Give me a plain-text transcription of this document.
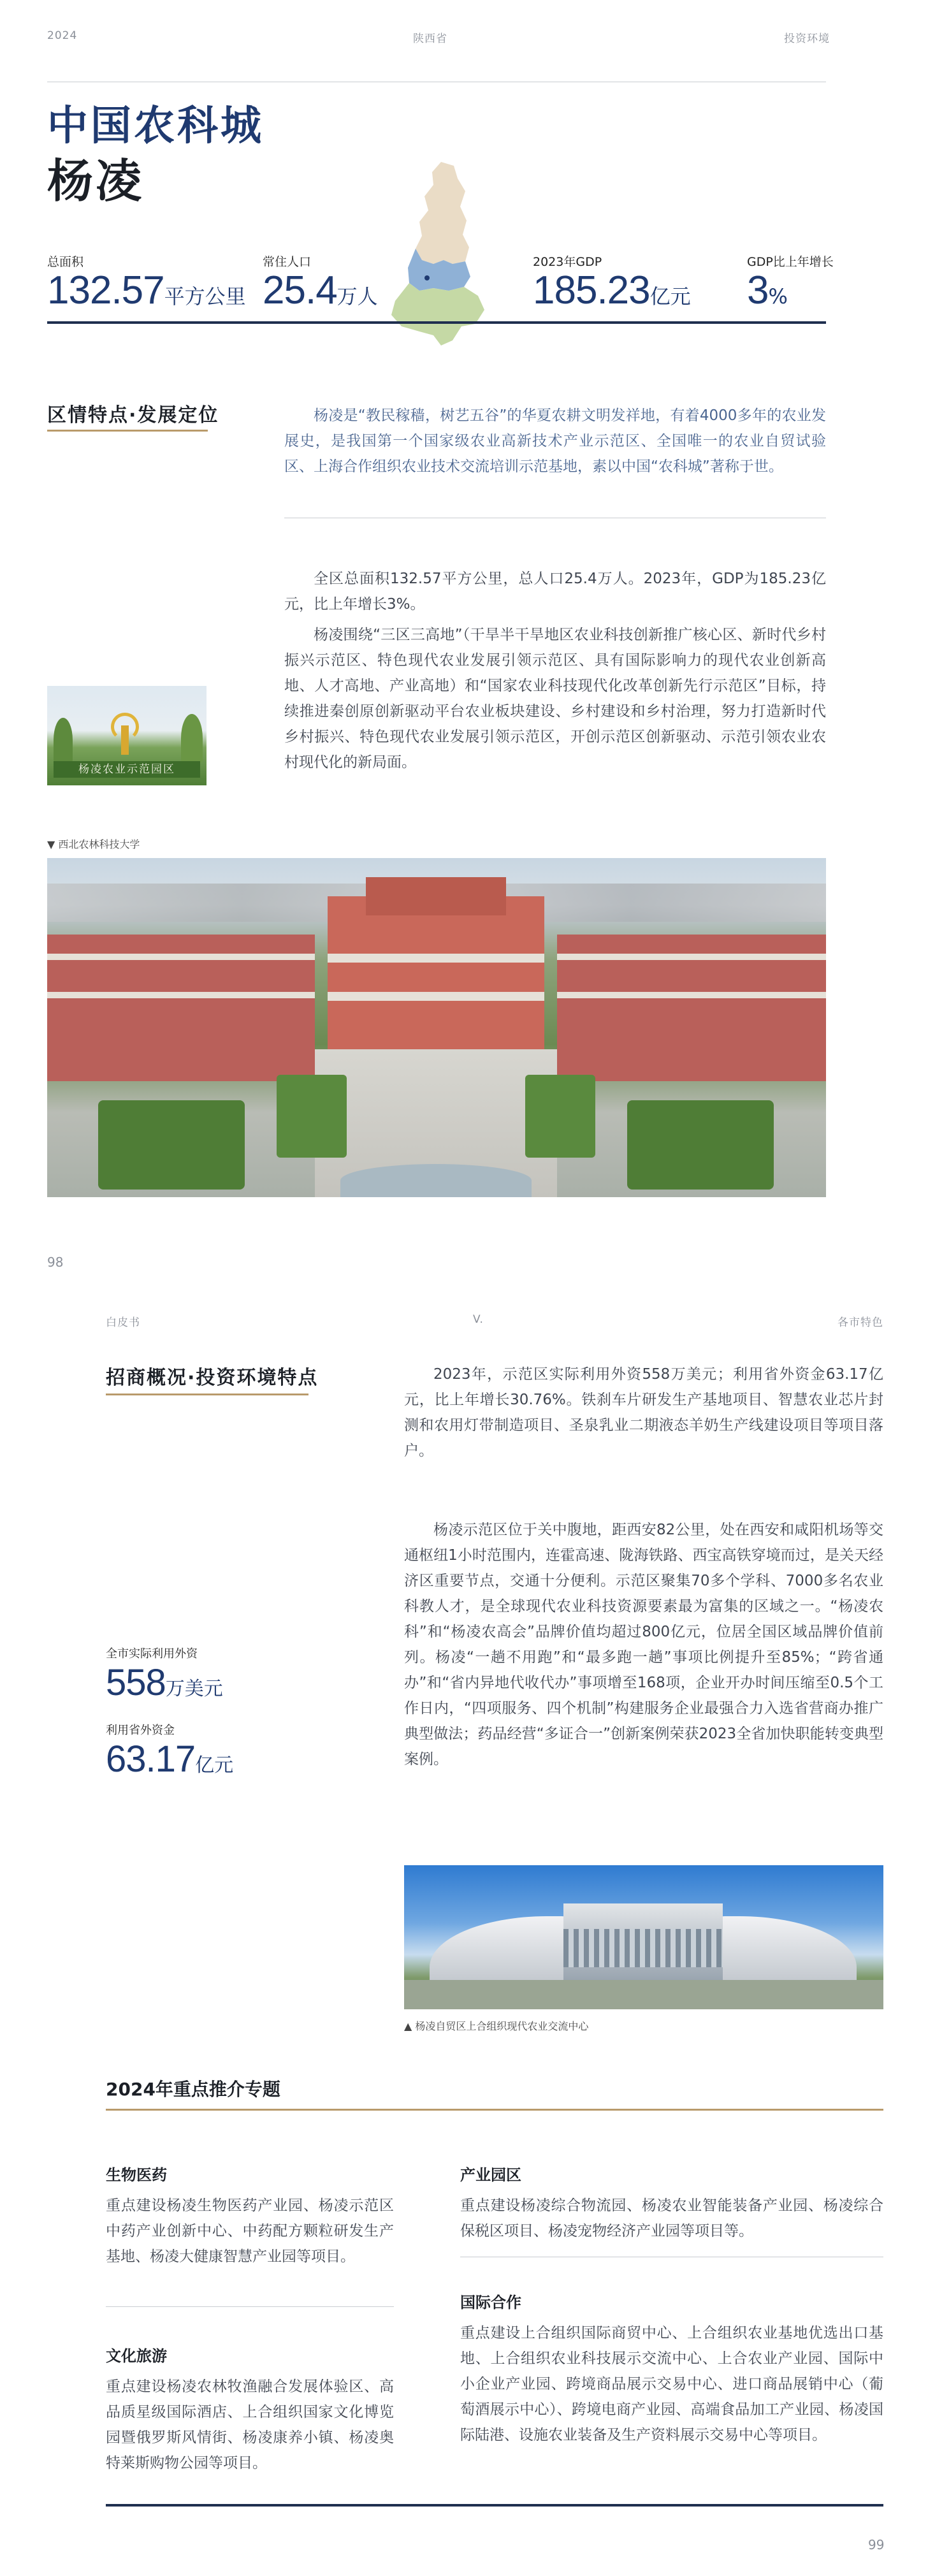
2024	陕西省	投资环境
中国农科城
杨凌
总面积
132.57平方公里
常住人口
25.4万人
2023年GDP
185.23亿元
GDP比上年增长
3%
区情特点·发展定位	杨凌是“教民稼穑，树艺五谷”的华夏农耕文明发祥地，有着4000多年的农业发展史，是我国第一个国家级农业高新技术产业示范区、全国唯一的农业自贸试验区、上海合作组织农业技术交流培训示范基地，素以中国“农科城”著称于世。
全区总面积132.57平方公里，总人口25.4万人。2023年，GDP为185.23亿元，比上年增长3%。
杨凌围绕“三区三高地”（干旱半干旱地区农业科技创新推广核心区、新时代乡村振兴示范区、特色现代农业发展引领示范区、具有国际影响力的现代农业创新高地、人才高地、产业高地）和“国家农业科技现代化改革创新先行示范区”目标，持续推进秦创原创新驱动平台农业板块建设、乡村建设和乡村治理，努力打造新时代乡村振兴、特色现代农业发展引领示范区，开创示范区创新驱动、示范引领农业农村现代化的新局面。
杨凌农业示范园区
▼ 西北农林科技大学
98
白皮书	V.	各市特色
招商概况·投资环境特点	2023年，示范区实际利用外资558万美元；利用省外资金63.17亿元，比上年增长30.76%。铁刹车片研发生产基地项目、智慧农业芯片封测和农用灯带制造项目、圣泉乳业二期液态羊奶生产线建设项目等项目落户。
杨凌示范区位于关中腹地，距西安82公里，处在西安和咸阳机场等交通枢纽1小时范围内，连霍高速、陇海铁路、西宝高铁穿境而过，是关天经济区重要节点，交通十分便利。示范区聚集70多个学科、7000多名农业科教人才，是全球现代农业科技资源要素最为富集的区域之一。“杨凌农科”和“杨凌农高会”品牌价值均超过800亿元，位居全国区域品牌价值前列。杨凌“一趟不用跑”和“最多跑一趟”事项比例提升至85%；“跨省通办”和“省内异地代收代办”事项增至168项，企业开办时间压缩至0.5个工作日内，“四项服务、四个机制”构建服务企业最强合力入选省营商办推广典型做法；药品经营“多证合一”创新案例荣获2023全省加快职能转变典型案例。
全市实际利用外资
558万美元
利用省外资金
63.17亿元
▲ 杨凌自贸区上合组织现代农业交流中心
2024年重点推介专题
生物医药
重点建设杨凌生物医药产业园、杨凌示范区中药产业创新中心、中药配方颗粒研发生产基地、杨凌大健康智慧产业园等项目。
文化旅游
重点建设杨凌农林牧渔融合发展体验区、高品质星级国际酒店、上合组织国家文化博览园暨俄罗斯风情街、杨凌康养小镇、杨凌奥特莱斯购物公园等项目。
产业园区
重点建设杨凌综合物流园、杨凌农业智能装备产业园、杨凌综合保税区项目、杨凌宠物经济产业园等项目等。
国际合作
重点建设上合组织国际商贸中心、上合组织农业基地优选出口基地、上合组织农业科技展示交流中心、上合农业产业园、国际中小企业产业园、跨境商品展示交易中心、进口商品展销中心（葡萄酒展示中心）、跨境电商产业园、高端食品加工产业园、杨凌国际陆港、设施农业装备及生产资料展示交易中心等项目。
99
